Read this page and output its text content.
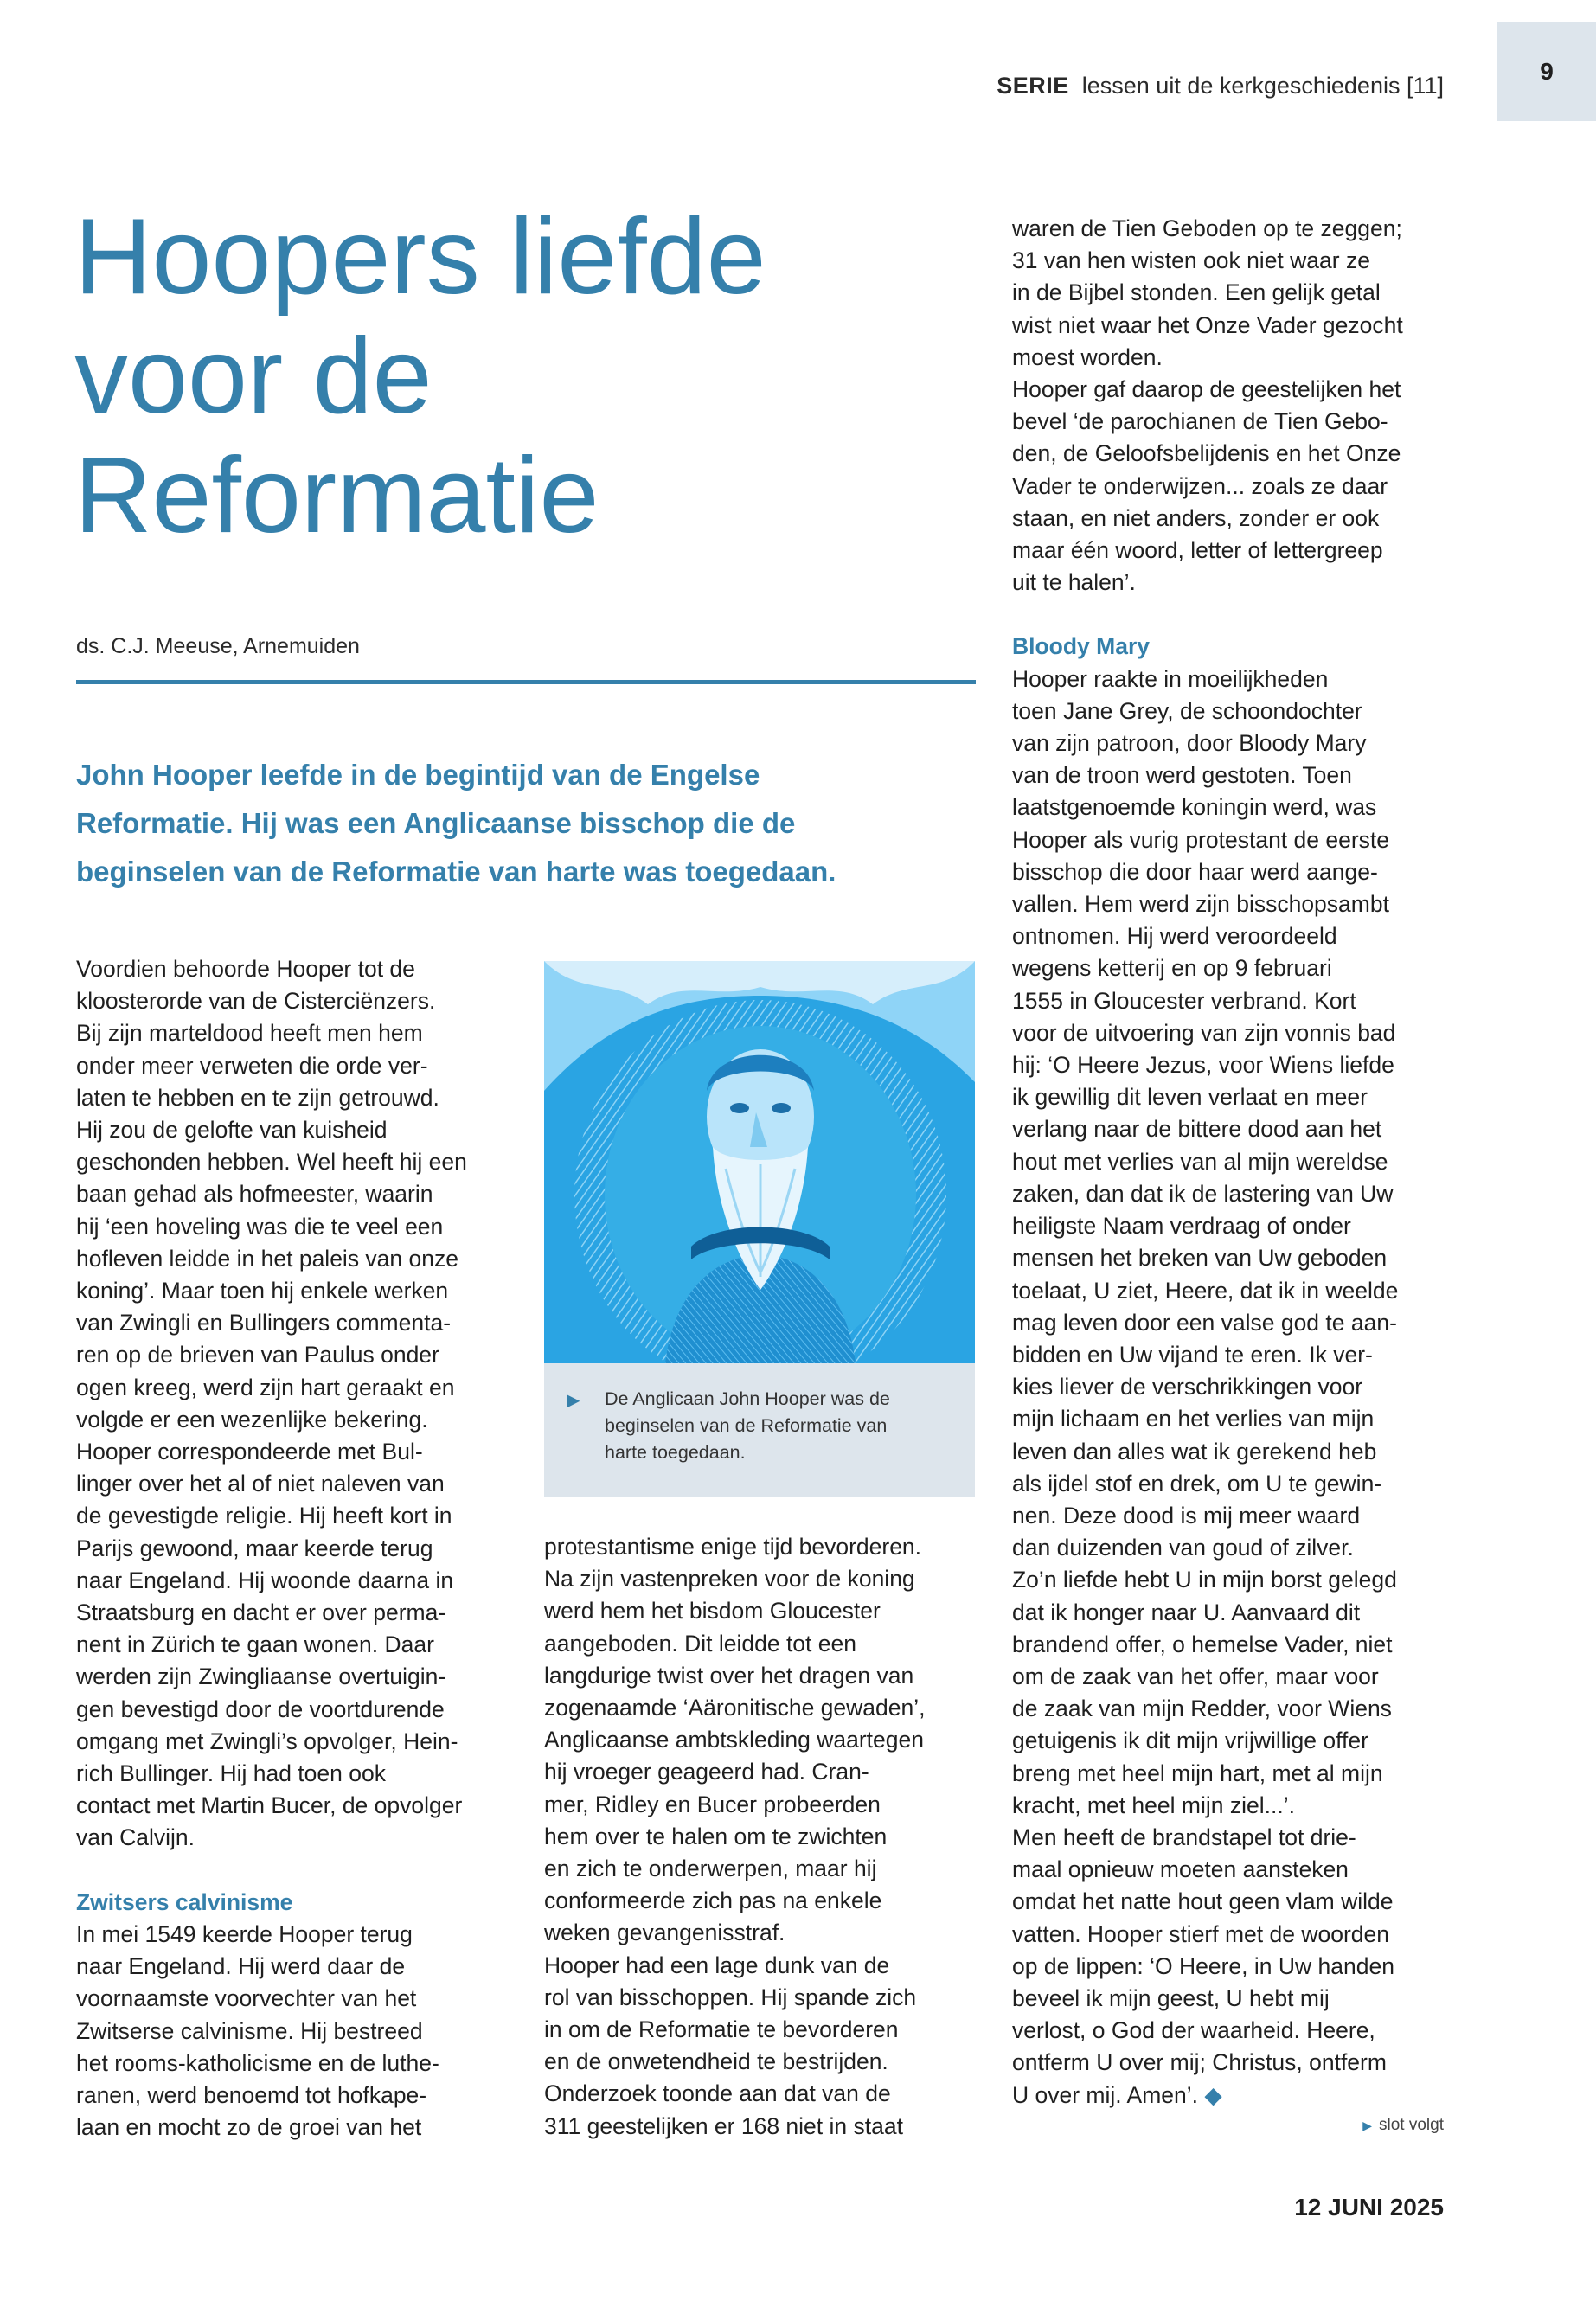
SERIE lessen uit de kerkgeschiedenis [11]
9
Hoopers liefde
voor de
Reformatie
ds. C.J. Meeuse, Arnemuiden
John Hooper leefde in de begintijd van de Engelse
Reformatie. Hij was een Anglicaanse bisschop die de
beginselen van de Reformatie van harte was toegedaan.

Voordien behoorde Hooper tot de
kloosterorde van de Cisterciënzers.
Bij zijn marteldood heeft men hem
onder meer verweten die orde ver-
laten te hebben en te zijn getrouwd.
Hij zou de gelofte van kuisheid
geschonden hebben. Wel heeft hij een
baan gehad als hofmeester, waarin
hij ‘een hoveling was die te veel een
hofleven leidde in het paleis van onze
koning’. Maar toen hij enkele werken
van Zwingli en Bullingers commenta-
ren op de brieven van Paulus onder
ogen kreeg, werd zijn hart geraakt en
volgde er een wezenlijke bekering.
Hooper correspondeerde met Bul-
linger over het al of niet naleven van
de gevestigde religie. Hij heeft kort in
Parijs gewoond, maar keerde terug
naar Engeland. Hij woonde daarna in
Straatsburg en dacht er over perma-
nent in Zürich te gaan wonen. Daar
werden zijn Zwingliaanse overtuigin-
gen bevestigd door de voortdurende
omgang met Zwingli’s opvolger, Hein-
rich Bullinger. Hij had toen ook
contact met Martin Bucer, de opvolger
van Calvijn.

Zwitsers calvinisme

In mei 1549 keerde Hooper terug
naar Engeland. Hij werd daar de
voornaamste voorvechter van het
Zwitserse calvinisme. Hij bestreed
het rooms-katholicisme en de luthe-
ranen, werd benoemd tot hofkape-
laan en mocht zo de groei van het

▶ De Anglicaan John Hooper was de
beginselen van de Reformatie van
harte toegedaan.

protestantisme enige tijd bevorderen.
Na zijn vastenpreken voor de koning
werd hem het bisdom Gloucester
aangeboden. Dit leidde tot een
langdurige twist over het dragen van
zogenaamde ‘Aäronitische gewaden’,
Anglicaanse ambtskleding waartegen
hij vroeger geageerd had. Cran-
mer, Ridley en Bucer probeerden
hem over te halen om te zwichten
en zich te onderwerpen, maar hij
conformeerde zich pas na enkele
weken gevangenisstraf.

Hooper had een lage dunk van de
rol van bisschoppen. Hij spande zich
in om de Reformatie te bevorderen
en de onwetendheid te bestrijden.
Onderzoek toonde aan dat van de
311 geestelijken er 168 niet in staat

waren de Tien Geboden op te zeggen;
31 van hen wisten ook niet waar ze
in de Bijbel stonden. Een gelijk getal
wist niet waar het Onze Vader gezocht
moest worden.

Hooper gaf daarop de geestelijken het
bevel ‘de parochianen de Tien Gebo-
den, de Geloofsbelijdenis en het Onze
Vader te onderwijzen... zoals ze daar
staan, en niet anders, zonder er ook
maar één woord, letter of lettergreep
uit te halen’.

Bloody Mary

Hooper raakte in moeilijkheden
toen Jane Grey, de schoondochter
van zijn patroon, door Bloody Mary
van de troon werd gestoten. Toen
laatstgenoemde koningin werd, was
Hooper als vurig protestant de eerste
bisschop die door haar werd aange-
vallen. Hem werd zijn bisschopsambt
ontnomen. Hij werd veroordeeld
wegens ketterij en op 9 februari
1555 in Gloucester verbrand. Kort
voor de uitvoering van zijn vonnis bad
hij: ‘O Heere Jezus, voor Wiens liefde
ik gewillig dit leven verlaat en meer
verlang naar de bittere dood aan het
hout met verlies van al mijn wereldse
zaken, dan dat ik de lastering van Uw
heiligste Naam verdraag of onder
mensen het breken van Uw geboden
toelaat, U ziet, Heere, dat ik in weelde
mag leven door een valse god te aan-
bidden en Uw vijand te eren. Ik ver-
kies liever de verschrikkingen voor
mijn lichaam en het verlies van mijn
leven dan alles wat ik gerekend heb
als ijdel stof en drek, om U te gewin-
nen. Deze dood is mij meer waard
dan duizenden van goud of zilver.
Zo’n liefde hebt U in mijn borst gelegd
dat ik honger naar U. Aanvaard dit
brandend offer, o hemelse Vader, niet
om de zaak van het offer, maar voor
de zaak van mijn Redder, voor Wiens
getuigenis ik dit mijn vrijwillige offer
breng met heel mijn hart, met al mijn
kracht, met heel mijn ziel...’.

Men heeft de brandstapel tot drie-
maal opnieuw moeten aansteken
omdat het natte hout geen vlam wilde
vatten. Hooper stierf met de woorden
op de lippen: ‘O Heere, in Uw handen
beveel ik mijn geest, U hebt mij
verlost, o God der waarheid. Heere,
ontferm U over mij; Christus, ontferm
U over mij. Amen’. ◆

▶ slot volgt
12 JUNI 2025
